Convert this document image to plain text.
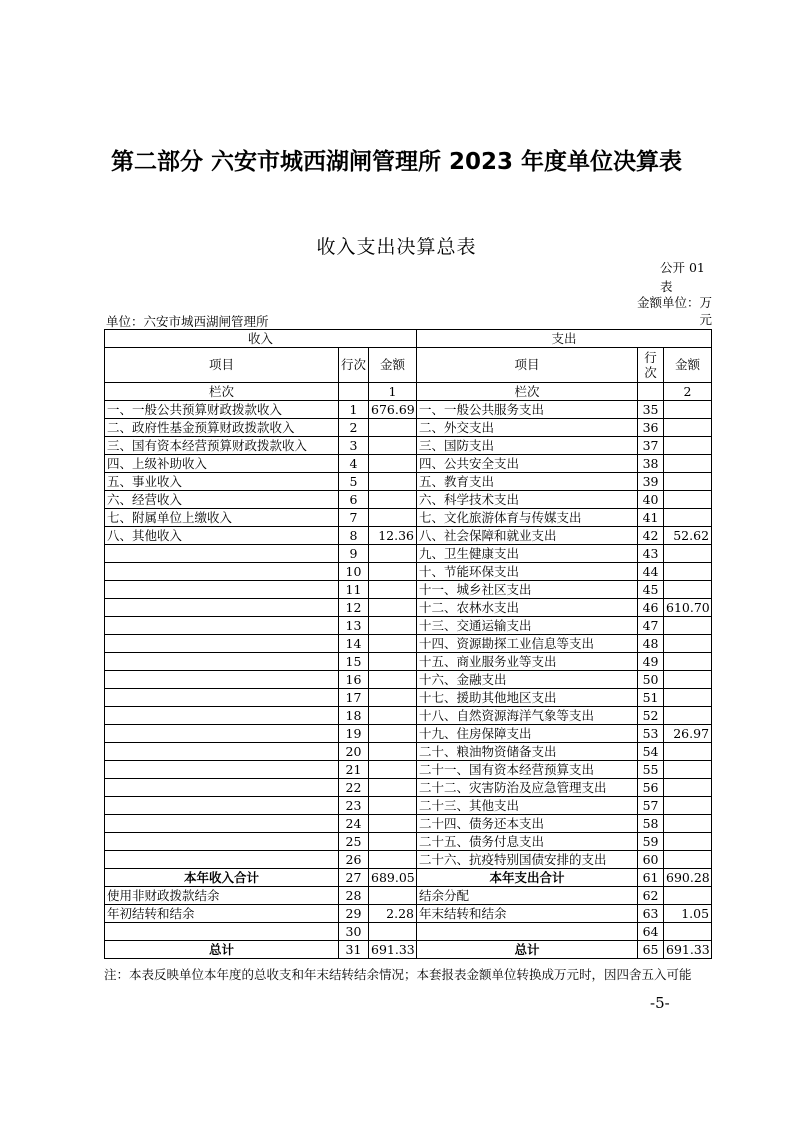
第二部分 六安市城西湖闸管理所 2023 年度单位决算表
收入支出决算总表
公开 01
表
金额单位：万
元
单位：六安市城西湖闸管理所
收入			支出		
项目	行次	金额	项目	行次	金额
栏次		1	栏次		2
一、一般公共预算财政拨款收入	1	676.69	一、一般公共服务支出	35	
二、政府性基金预算财政拨款收入	2		二、外交支出	36	
三、国有资本经营预算财政拨款收入	3		三、国防支出	37	
四、上级补助收入	4		四、公共安全支出	38	
五、事业收入	5		五、教育支出	39	
六、经营收入	6		六、科学技术支出	40	
七、附属单位上缴收入	7		七、文化旅游体育与传媒支出	41	
八、其他收入	8	12.36	八、社会保障和就业支出	42	52.62
	9		九、卫生健康支出	43	
	10		十、节能环保支出	44	
	11		十一、城乡社区支出	45	
	12		十二、农林水支出	46	610.70
	13		十三、交通运输支出	47	
	14		十四、资源勘探工业信息等支出	48	
	15		十五、商业服务业等支出	49	
	16		十六、金融支出	50	
	17		十七、援助其他地区支出	51	
	18		十八、自然资源海洋气象等支出	52	
	19		十九、住房保障支出	53	26.97
	20		二十、粮油物资储备支出	54	
	21		二十一、国有资本经营预算支出	55	
	22		二十二、灾害防治及应急管理支出	56	
	23		二十三、其他支出	57	
	24		二十四、债务还本支出	58	
	25		二十五、债务付息支出	59	
	26		二十六、抗疫特别国债安排的支出	60	
本年收入合计	27	689.05	本年支出合计	61	690.28
使用非财政拨款结余	28		结余分配	62	
年初结转和结余	29	2.28	年末结转和结余	63	1.05
	30			64	
总计	31	691.33	总计	65	691.33
注：本表反映单位本年度的总收支和年末结转结余情况；本套报表金额单位转换成万元时，因四舍五入可能
-5-
